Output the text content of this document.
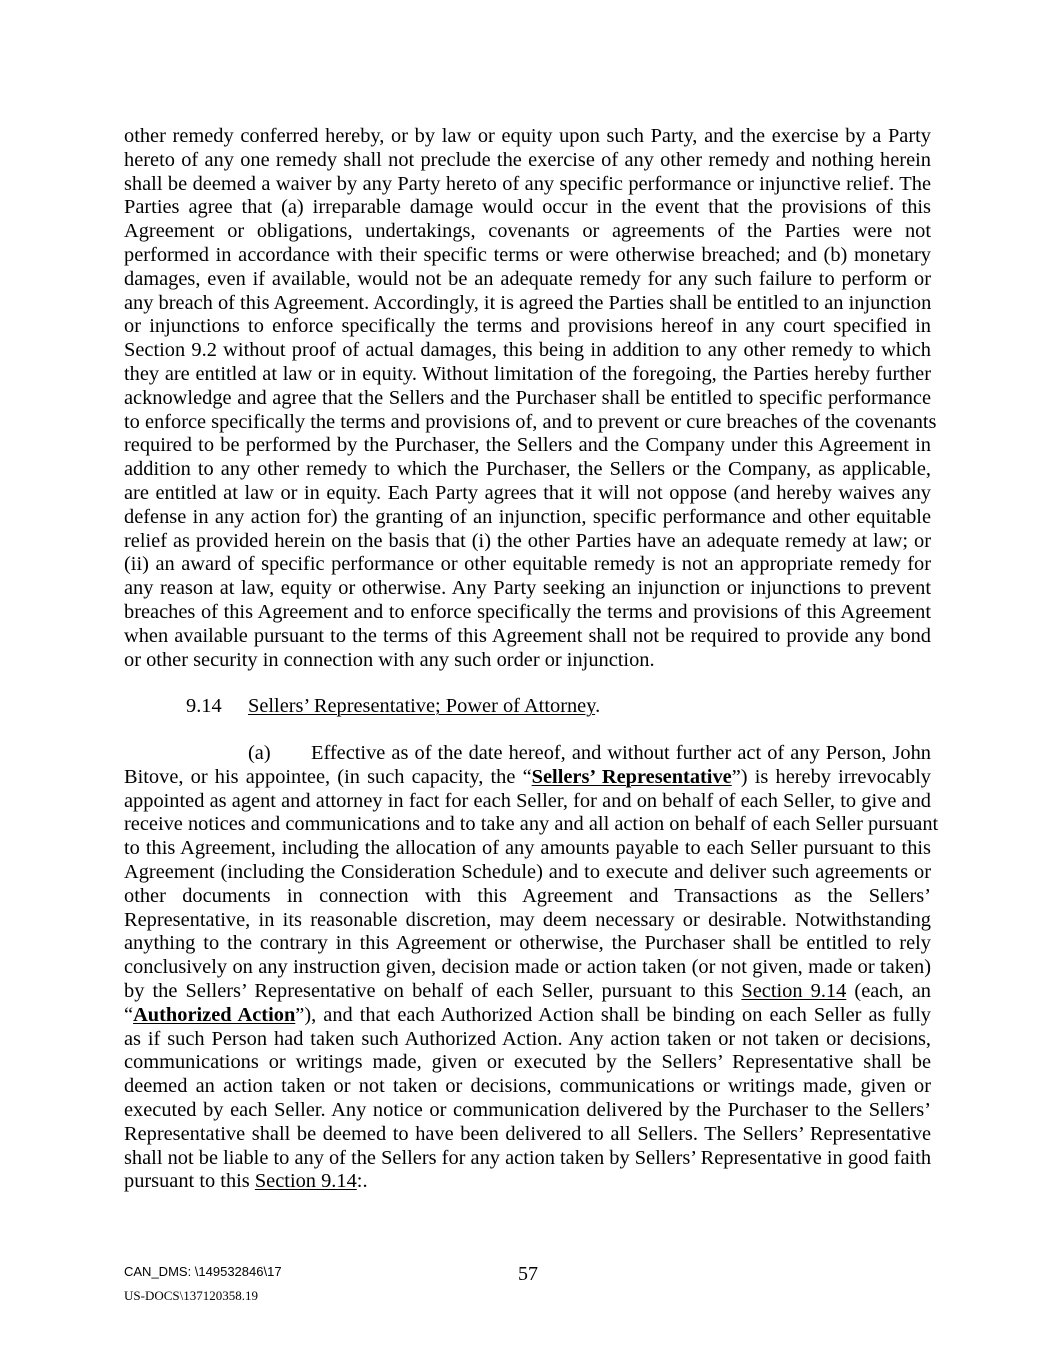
other remedy conferred hereby, or by law or equity upon such Party, and the exercise by a Party
hereto of any one remedy shall not preclude the exercise of any other remedy and nothing herein
shall be deemed a waiver by any Party hereto of any specific performance or injunctive relief. The
Parties agree that (a) irreparable damage would occur in the event that the provisions of this
Agreement or obligations, undertakings, covenants or agreements of the Parties were not
performed in accordance with their specific terms or were otherwise breached; and (b) monetary
damages, even if available, would not be an adequate remedy for any such failure to perform or
any breach of this Agreement. Accordingly, it is agreed the Parties shall be entitled to an injunction
or injunctions to enforce specifically the terms and provisions hereof in any court specified in
Section 9.2 without proof of actual damages, this being in addition to any other remedy to which
they are entitled at law or in equity. Without limitation of the foregoing, the Parties hereby further
acknowledge and agree that the Sellers and the Purchaser shall be entitled to specific performance
to enforce specifically the terms and provisions of, and to prevent or cure breaches of the covenants
required to be performed by the Purchaser, the Sellers and the Company under this Agreement in
addition to any other remedy to which the Purchaser, the Sellers or the Company, as applicable,
are entitled at law or in equity. Each Party agrees that it will not oppose (and hereby waives any
defense in any action for) the granting of an injunction, specific performance and other equitable
relief as provided herein on the basis that (i) the other Parties have an adequate remedy at law; or
(ii) an award of specific performance or other equitable remedy is not an appropriate remedy for
any reason at law, equity or otherwise. Any Party seeking an injunction or injunctions to prevent
breaches of this Agreement and to enforce specifically the terms and provisions of this Agreement
when available pursuant to the terms of this Agreement shall not be required to provide any bond
or other security in connection with any such order or injunction.
9.14 Sellers’ Representative; Power of Attorney.
(a)	Effective as of the date hereof, and without further act of any Person, John
Bitove, or his appointee, (in such capacity, the “Sellers’ Representative”) is hereby irrevocably
appointed as agent and attorney in fact for each Seller, for and on behalf of each Seller, to give and
receive notices and communications and to take any and all action on behalf of each Seller pursuant
to this Agreement, including the allocation of any amounts payable to each Seller pursuant to this
Agreement (including the Consideration Schedule) and to execute and deliver such agreements or
other documents in connection with this Agreement and Transactions as the Sellers’
Representative, in its reasonable discretion, may deem necessary or desirable. Notwithstanding
anything to the contrary in this Agreement or otherwise, the Purchaser shall be entitled to rely
conclusively on any instruction given, decision made or action taken (or not given, made or taken)
by the Sellers’ Representative on behalf of each Seller, pursuant to this Section 9.14 (each, an
“Authorized Action”), and that each Authorized Action shall be binding on each Seller as fully
as if such Person had taken such Authorized Action. Any action taken or not taken or decisions,
communications or writings made, given or executed by the Sellers’ Representative shall be
deemed an action taken or not taken or decisions, communications or writings made, given or
executed by each Seller. Any notice or communication delivered by the Purchaser to the Sellers’
Representative shall be deemed to have been delivered to all Sellers. The Sellers’ Representative
shall not be liable to any of the Sellers for any action taken by Sellers’ Representative in good faith
pursuant to this Section 9.14:.
CAN_DMS: \149532846\17	57
US-DOCS\137120358.19
